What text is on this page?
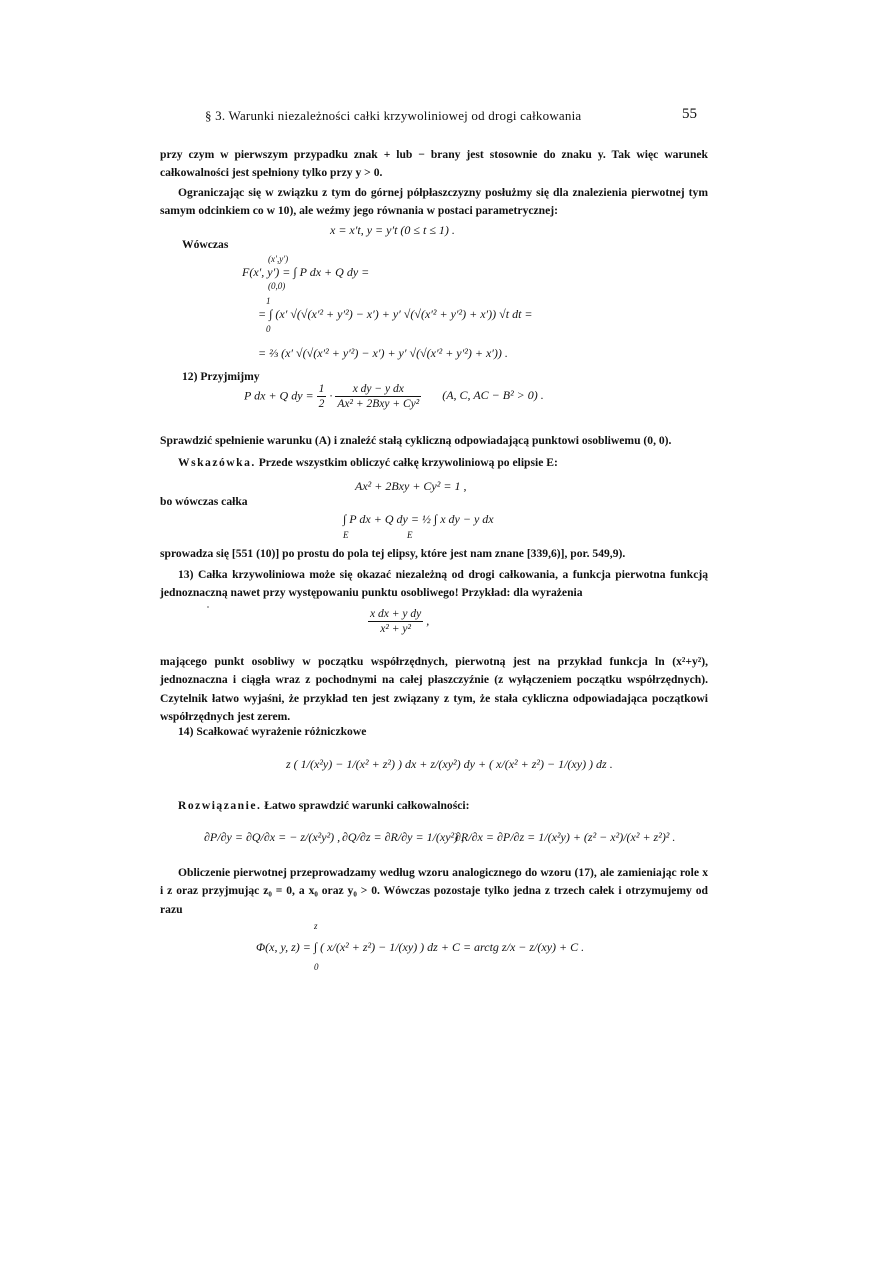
§ 3. Warunki niezależności całki krzywoliniowej od drogi całkowania	55
przy czym w pierwszym przypadku znak + lub − brany jest stosownie do znaku y. Tak więc warunek całkowalności jest spełniony tylko przy y > 0.
Ograniczając się w związku z tym do górnej półpłaszczyzny posłużmy się dla znalezienia pierwotnej tym samym odcinkiem co w 10), ale weźmy jego równania w postaci parametrycznej:
x = x′t, y = y′t (0 ≤ t ≤ 1) .
Wówczas
(x′,y′)
F(x′, y′) = ∫ P dx + Q dy =
(0,0)
1
= ∫ (x′ √(√(x′² + y′²) − x′) + y′ √(√(x′² + y′²) + x′)) √t dt =
0
= ⅔ (x′ √(√(x′² + y′²) − x′) + y′ √(√(x′² + y′²) + x′)) .
12) Przyjmijmy
P dx + Q dy = $\frac{1}{2} \cdot \frac{\text{x dy − y dx}}{\text{Ax² + 2Bxy + Cy²}} (A$, C, AC − B² > 0) .
Sprawdzić spełnienie warunku (A) i znaleźć stałą cykliczną odpowiadającą punktowi osobliwemu (0, 0).
Wskazówka. Przede wszystkim obliczyć całkę krzywoliniową po elipsie E:
Ax² + 2Bxy + Cy² = 1 ,
bo wówczas całka
∫ P dx + Q dy = ½ ∫ x dy − y dx
E                          E
sprowadza się [551 (10)] po prostu do pola tej elipsy, które jest nam znane [339,6)], por. 549,9).
13) Całka krzywoliniowa może się okazać niezależną od drogi całkowania, a funkcja pierwotna funkcją jednoznaczną nawet przy występowaniu punktu osobliwego! Przykład: dla wyrażenia
$\frac{\text{x dx + y dy}}{\text{x² + y²}}$ ,
mającego punkt osobliwy w początku współrzędnych, pierwotną jest na przykład funkcja ln (x²+y²), jednoznaczna i ciągła wraz z pochodnymi na całej płaszczyźnie (z wyłączeniem początku współrzędnych). Czytelnik łatwo wyjaśni, że przykład ten jest związany z tym, że stała cykliczna odpowiadająca początkowi współrzędnych jest zerem.
14) Scałkować wyrażenie różniczkowe
z ( 1/(x²y) − 1/(x² + z²) ) dx + z/(xy²) dy + ( x/(x² + z²) − 1/(xy) ) dz .
Rozwiązanie. Łatwo sprawdzić warunki całkowalności:
∂P/∂y = ∂Q/∂x = − z/(x²y²) , ∂Q/∂z = ∂R/∂y = 1/(xy²) ,
∂R/∂x = ∂P/∂z = 1/(x²y) + (z² − x²)/(x² + z²)² .
Obliczenie pierwotnej przeprowadzamy według wzoru analogicznego do wzoru (17), ale zamieniając role x i z oraz przyjmując z₀ = 0, a x₀ oraz y₀ > 0. Wówczas pozostaje tylko jedna z trzech całek i otrzymujemy od razu
z
Φ(x, y, z) = ∫ ( x/(x² + z²) − 1/(xy) ) dz + C = arctg z/x − z/(xy) + C .
0
